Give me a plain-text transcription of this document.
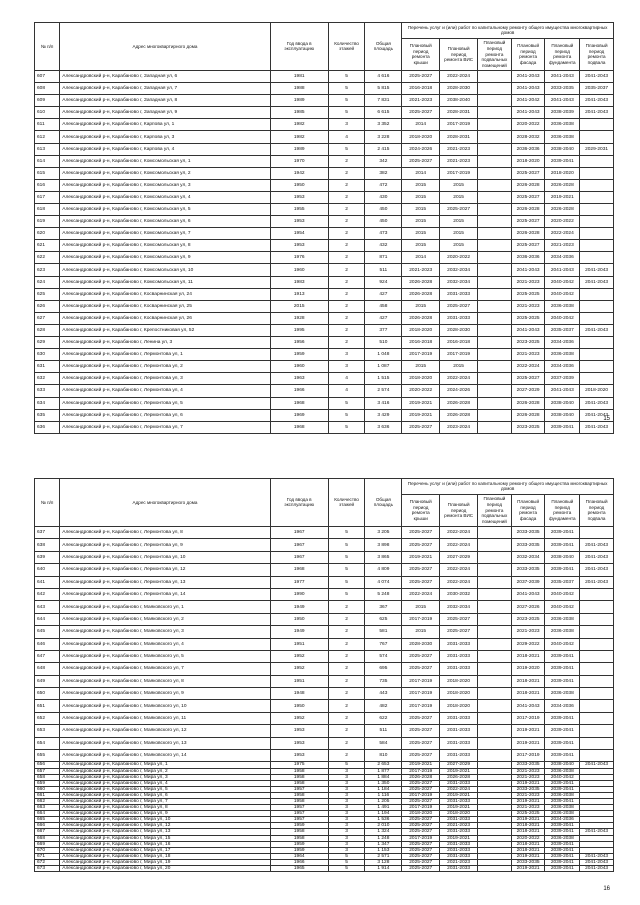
№ п/п	Адрес многоквартирного дома	Год ввода в эксплуатацию	Количество этажей	Общая площадь	Перечень услуг и (или) работ по капитальному ремонту общего имущества многоквартирных домов					
					Плановый период ремонта крыши	Плановый период ремонта ВИС	Плановый период ремонта подвальных помещений	Плановый период ремонта фасада	Плановый период ремонта фундамента	Плановый период ремонта подвала
607	Александровский р-н, Карабаново г, Западная ул, 6	1981	5	4 616	2025-2027	2022-2024		2041-2043	2041-2043	2041-2043
608	Александровский р-н, Карабаново г, Западная ул, 7	1988	5	5 815	2016-2018	2028-2030		2041-2043	2033-2035	2035-2037
609	Александровский р-н, Карабаново г, Западная ул, 8	1989	5	7 831	2021-2023	2038-2040		2041-2042	2041-2043	2041-2043
610	Александровский р-н, Карабаново г, Западная ул, 9	1985	5	6 615	2025-2027	2028-2031		2041-2043	2038-2039	2041-2043
611	Александровский р-н, Карабаново г, Карпова ул, 1	1982	3	3 352	2014	2017-2019		2020-2022	2036-2038	
612	Александровский р-н, Карабаново г, Карпова ул, 3	1982	4	3 228	2018-2020	2028-2031		2028-2032	2036-2038	
613	Александровский р-н, Карабаново г, Карпова ул, 4	1989	5	2 415	2024-2026	2021-2023		2036-2036	2038-2040	2029-2031
614	Александровский р-н, Карабаново г, Комсомольская ул, 1	1970	2	342	2025-2027	2021-2023		2018-2020	2039-2041	
615	Александровский р-н, Карабаново г, Комсомольская ул, 2	1942	2	382	2014	2017-2019		2025-2027	2018-2020	
616	Александровский р-н, Карабаново г, Комсомольская ул, 3	1950	2	472	2015	2015		2026-2028	2026-2028	
617	Александровский р-н, Карабаново г, Комсомольская ул, 4	1953	2	430	2015	2015		2025-2027	2019-2021	
618	Александровский р-н, Карабаново г, Комсомольская ул, 5	1955	2	450	2015	2025-2027		2026-2028	2026-2028	
619	Александровский р-н, Карабаново г, Комсомольская ул, 6	1953	2	450	2015	2015		2025-2027	2020-2022	
620	Александровский р-н, Карабаново г, Комсомольская ул, 7	1954	2	473	2015	2015		2026-2028	2022-2024	
621	Александровский р-н, Карабаново г, Комсомольская ул, 8	1953	2	432	2015	2015		2025-2027	2021-2023	
622	Александровский р-н, Карабаново г, Комсомольская ул, 9	1976	2	871	2014	2020-2022		2036-2036	2034-2036	
623	Александровский р-н, Карабаново г, Комсомольская ул, 10	1960	2	511	2021-2023	2032-2034		2041-2043	2041-2043	2041-2043
624	Александровский р-н, Карабаново г, Комсомольская ул, 11	1983	2	924	2026-2028	2032-2034		2021-2023	2040-2042	2041-2043
625	Александровский р-н, Карабаново г, Косварнинская ул, 24	1913	2	427	2026-2028	2031-2033		2025-2025	2040-2042	
626	Александровский р-н, Карабаново г, Косварнинская ул, 25	2015	2	458	2015	2025-2027		2021-2023	2036-2038	
627	Александровский р-н, Карабаново г, Косварнинская ул, 26	1928	2	427	2026-2028	2031-2033		2025-2025	2040-2042	
628	Александровский р-н, Карабаново г, Крепостниковая ул, 52	1995	2	377	2018-2020	2028-2030		2041-2043	2035-2037	2041-2043
629	Александровский р-н, Карабаново г, Ленина ул, 3	1956	2	510	2016-2018	2016-2018		2023-2025	2034-2036	
630	Александровский р-н, Карабаново г, Лермонтова ул, 1	1959	3	1 048	2017-2019	2017-2019		2021-2023	2036-2038	
631	Александровский р-н, Карабаново г, Лермонтова ул, 2	1960	3	1 087	2015	2015		2022-2024	2034-2036	
632	Александровский р-н, Карабаново г, Лермонтова ул, 3	1963	4	1 515	2018-2020	2022-2024		2025-2027	2037-2039	
633	Александровский р-н, Карабаново г, Лермонтова ул, 4	1966	4	2 574	2020-2022	2024-2026		2027-2029	2041-2043	2018-2020
634	Александровский р-н, Карабаново г, Лермонтова ул, 5	1968	5	3 416	2019-2021	2026-2028		2026-2028	2038-2040	2041-2043
635	Александровский р-н, Карабаново г, Лермонтова ул, 6	1969	5	3 429	2019-2021	2026-2028		2026-2028	2038-2040	2041-2043
636	Александровский р-н, Карабаново г, Лермонтова ул, 7	1968	5	3 636	2025-2027	2023-2024		2023-2025	2039-2041	2041-2043
15
№ п/п	Адрес многоквартирного дома	Год ввода в эксплуатацию	Количество этажей	Общая площадь	Перечень услуг и (или) работ по капитальному ремонту общего имущества многоквартирных домов					
					Плановый период ремонта крыши	Плановый период ремонта ВИС	Плановый период ремонта подвальных помещений	Плановый период ремонта фасада	Плановый период ремонта фундамента	Плановый период ремонта подвала
637	Александровский р-н, Карабаново г, Лермонтова ул, 8	1967	5	3 205	2025-2027	2022-2024		2033-2035	2039-2041	
638	Александровский р-н, Карабаново г, Лермонтова ул, 9	1967	5	3 898	2025-2027	2022-2024		2033-2035	2039-2041	2041-2043
639	Александровский р-н, Карабаново г, Лермонтова ул, 10	1967	5	3 865	2019-2021	2027-2029		2032-2034	2038-2040	2041-2043
640	Александровский р-н, Карабаново г, Лермонтова ул, 12	1968	5	4 809	2025-2027	2022-2024		2033-2035	2039-2041	2041-2043
641	Александровский р-н, Карабаново г, Лермонтова ул, 13	1977	5	4 074	2025-2027	2022-2024		2037-2039	2035-2037	2041-2043
642	Александровский р-н, Карабаново г, Лермонтова ул, 14	1990	5	5 248	2022-2024	2030-2032		2041-2043	2040-2042	
643	Александровский р-н, Карабаново г, Маяковского ул, 1	1949	2	367	2015	2032-2034		2027-2026	2040-2042	
644	Александровский р-н, Карабаново г, Маяковского ул, 2	1950	2	625	2017-2019	2025-2027		2023-2025	2036-2038	
645	Александровский р-н, Карабаново г, Маяковского ул, 3	1949	2	581	2015	2025-2027		2021-2023	2036-2038	
646	Александровский р-н, Карабаново г, Маяковского ул, 4	1951	2	767	2028-2030	2031-2033		2029-2022	2040-2042	
647	Александровский р-н, Карабаново г, Маяковского ул, 5	1952	2	574	2025-2027	2031-2033		2018-2021	2039-2041	
648	Александровский р-н, Карабаново г, Маяковского ул, 7	1952	2	695	2025-2027	2031-2033		2019-2020	2039-2041	
649	Александровский р-н, Карабаново г, Маяковского ул, 8	1951	2	735	2017-2019	2018-2020		2018-2021	2039-2041	
650	Александровский р-н, Карабаново г, Маяковского ул, 9	1948	2	443	2017-2019	2018-2020		2018-2021	2036-2038	
651	Александровский р-н, Карабаново г, Маяковского ул, 10	1950	2	482	2017-2019	2018-2020		2041-2043	2034-2036	
652	Александровский р-н, Карабаново г, Маяковского ул, 11	1952	2	622	2025-2027	2031-2033		2017-2019	2039-2041	
653	Александровский р-н, Карабаново г, Маяковского ул, 12	1953	2	511	2025-2027	2031-2033		2019-2021	2039-2041	
654	Александровский р-н, Карабаново г, Маяковского ул, 13	1953	2	584	2025-2027	2031-2033		2019-2021	2039-2041	
655	Александровский р-н, Карабаново г, Маяковского ул, 14	1953	2	810	2025-2027	2031-2033		2017-2019	2039-2041	
656	Александровский р-н, Карабаново г, Мира ул, 1	1975	5	2 653	2019-2021	2027-2029		2033-2035	2038-2040	2041-2043
657	Александровский р-н, Карабаново г, Мира ул, 2	1958	3	1 877	2017-2019	2019-2021		2021-2023	2036-2038	
658	Александровский р-н, Карабаново г, Мира ул, 3	1958	3	1 884	2026-2028	2026-2028		2021-2023	2040-2042	
659	Александровский р-н, Карабаново г, Мира ул, 4	1958	3	1 350	2025-2027	2031-2033		2019-2021	2039-2041	
660	Александровский р-н, Карабаново г, Мира ул, 5	1957	3	1 184	2025-2027	2022-2024		2033-2035	2039-2041	
661	Александровский р-н, Карабаново г, Мира ул, 6	1958	3	1 116	2017-2019	2019-2021		2021-2023	2036-2038	
662	Александровский р-н, Карабаново г, Мира ул, 7	1958	3	1 205	2025-2027	2031-2033		2019-2021	2039-2041	
663	Александровский р-н, Карабаново г, Мира ул, 8	1957	3	1 491	2017-2019	2019-2021		2021-2023	2036-2038	
664	Александровский р-н, Карабаново г, Мира ул, 9	1957	3	1 194	2018-2020	2018-2020		2025-2025	2036-2038	
665	Александровский р-н, Карабаново г, Мира ул, 10	1957	3	1 536	2025-2027	2031-2033		2019-2021	2034-2036	
666	Александровский р-н, Карабаново г, Мира ул, 12	1959	3	2 010	2025-2027	2021-2023		2018-2021	2039-2041	
667	Александровский р-н, Карабаново г, Мира ул, 13	1958	3	1 324	2025-2027	2031-2033		2018-2021	2039-2041	2041-2043
668	Александровский р-н, Карабаново г, Мира ул, 15	1958	3	1 248	2017-2019	2019-2021		2020-2022	2036-2038	
669	Александровский р-н, Карабаново г, Мира ул, 16	1959	3	1 347	2025-2027	2031-2033		2018-2021	2039-2041	
670	Александровский р-н, Карабаново г, Мира ул, 17	1959	3	1 153	2025-2027	2031-2033		2018-2021	2039-2041	
671	Александровский р-н, Карабаново г, Мира ул, 18	1964	5	2 571	2025-2027	2031-2033		2019-2021	2039-2041	2041-2043
672	Александровский р-н, Карабаново г, Мира ул, 19	1966	5	3 128	2025-2027	2021-2023		2033-2035	2039-2041	2041-2043
673	Александровский р-н, Карабаново г, Мира ул, 20	1965	5	1 914	2025-2027	2031-2033		2019-2021	2039-2041	2041-2043
16
